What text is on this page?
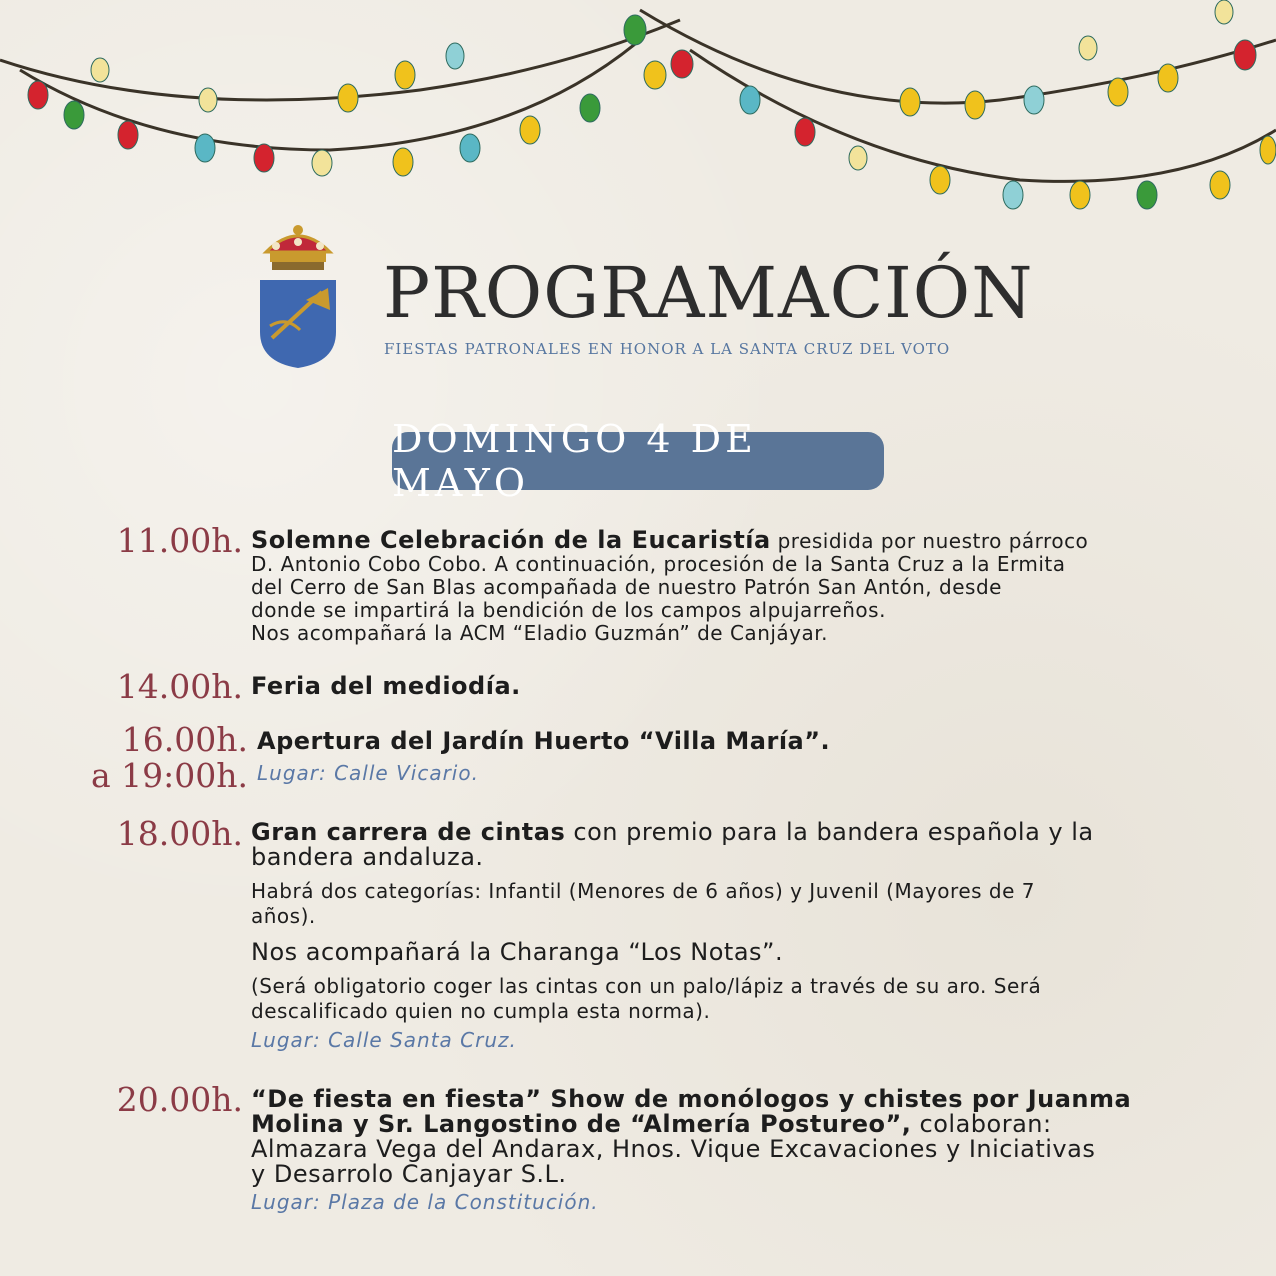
PROGRAMACIÓN
FIESTAS PATRONALES EN HONOR A LA SANTA CRUZ DEL VOTO
DOMINGO 4 DE MAYO
11.00h. Solemne Celebración de la Eucaristía presidida por nuestro párroco

D. Antonio Cobo Cobo. A continuación, procesión de la Santa Cruz a la Ermita
del Cerro de San Blas acompañada de nuestro Patrón San Antón, desde
donde se impartirá la bendición de los campos alpujarreños.
Nos acompañará la ACM “Eladio Guzmán” de Canjáyar.
14.00h. Feria del mediodía.
16.00h.
a 19:00h.
Apertura del Jardín Huerto “Villa María”.
Lugar: Calle Vicario.
18.00h. Gran carrera de cintas con premio para la bandera española y la

bandera andaluza.
Habrá dos categorías: Infantil (Menores de 6 años) y Juvenil (Mayores de 7
años).
Nos acompañará la Charanga “Los Notas”.
(Será obligatorio coger las cintas con un palo/lápiz a través de su aro. Será
descalificado quien no cumpla esta norma).
Lugar: Calle Santa Cruz.
20.00h. “De fiesta en fiesta” Show de monólogos y chistes por Juanma

Molina y Sr. Langostino de “Almería Postureo”, colaboran:

Almazara Vega del Andarax, Hnos. Vique Excavaciones y Iniciativas
y Desarrolo Canjayar S.L.
Lugar: Plaza de la Constitución.
